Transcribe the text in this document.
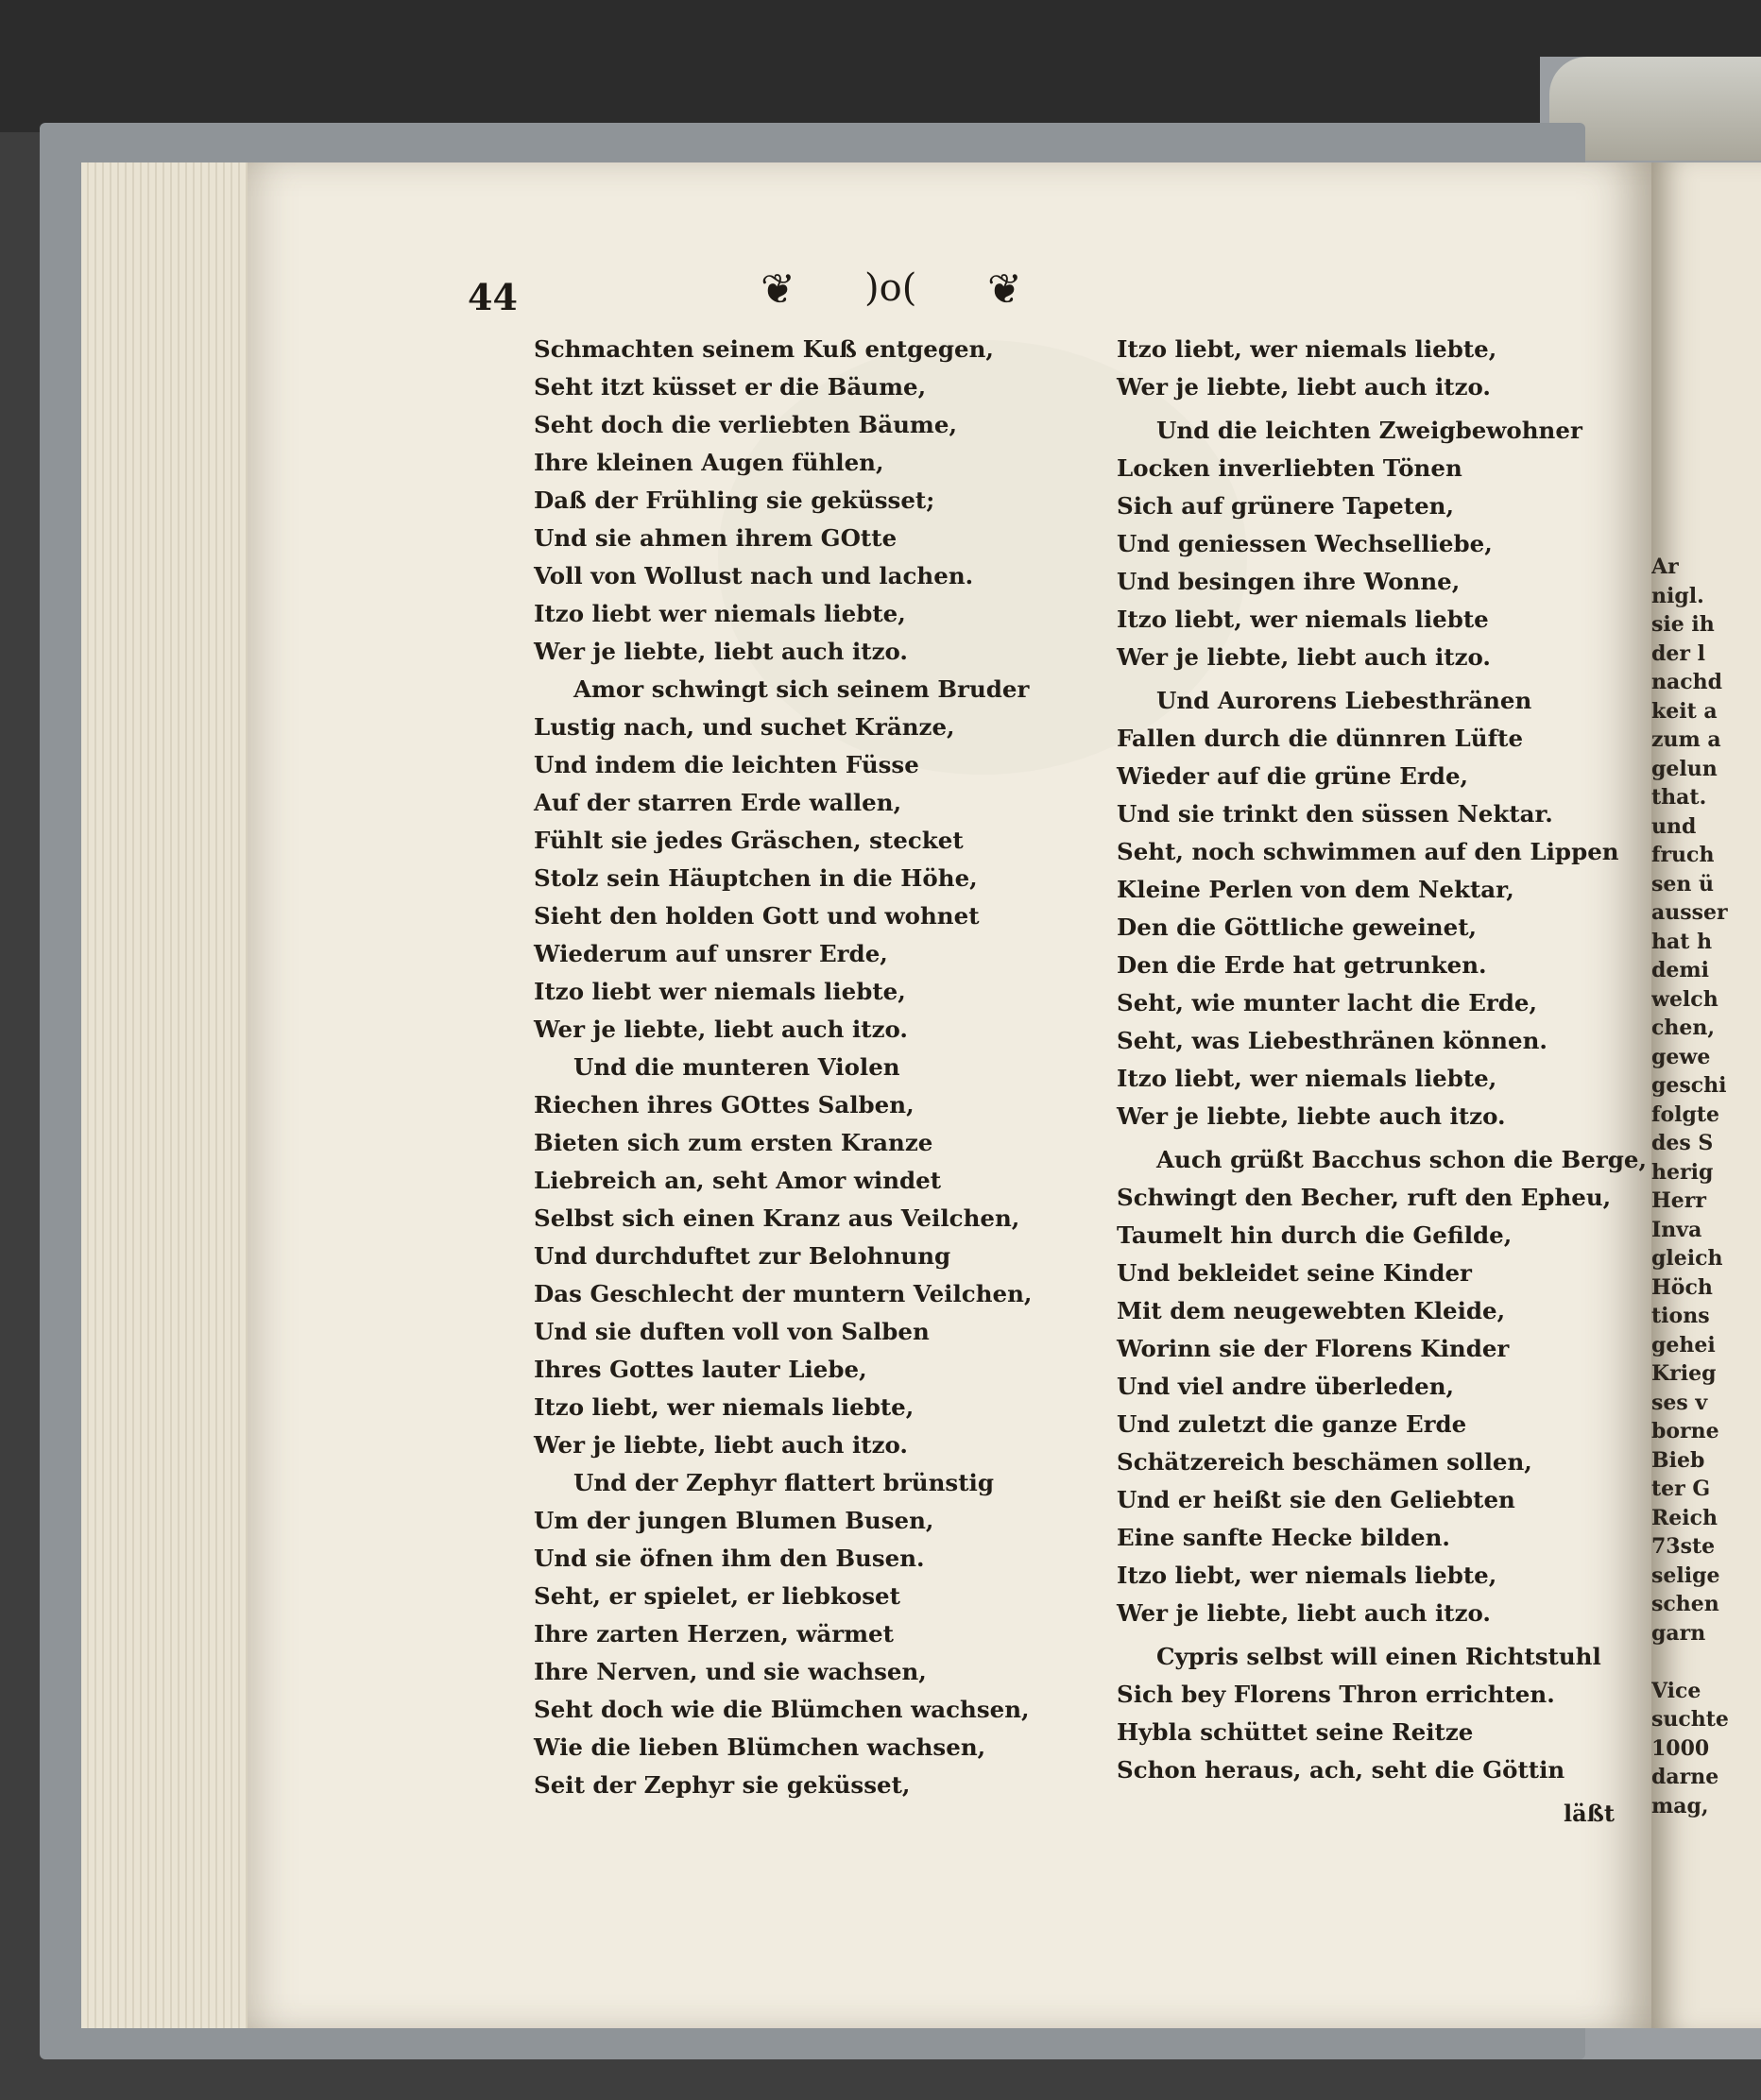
Ar
nigl.
sie ih
der l
nachd
keit a
zum a
gelun
that.
und
fruch
sen ü
ausser
hat h
demi
welch
chen,
gewe
geschi
folgte
des S
herig
Herr
Inva
gleich
Höch
tions
gehei
Krieg
ses v
borne
Bieb
ter G
Reich
73ste
selige
schen
garn
Vice
suchte
1000
darne
mag,
44	❦ )o( ❦
Schmachten seinem Kuß entgegen,
Seht itzt küsset er die Bäume,
Seht doch die verliebten Bäume,
Ihre kleinen Augen fühlen,
Daß der Frühling sie geküsset;
Und sie ahmen ihrem GOtte
Voll von Wollust nach und lachen.
Itzo liebt wer niemals liebte,
Wer je liebte, liebt auch itzo.
Amor schwingt sich seinem Bruder
Lustig nach, und suchet Kränze,
Und indem die leichten Füsse
Auf der starren Erde wallen,
Fühlt sie jedes Gräschen, stecket
Stolz sein Häuptchen in die Höhe,
Sieht den holden Gott und wohnet
Wiederum auf unsrer Erde,
Itzo liebt wer niemals liebte,
Wer je liebte, liebt auch itzo.
Und die munteren Violen
Riechen ihres GOttes Salben,
Bieten sich zum ersten Kranze
Liebreich an, seht Amor windet
Selbst sich einen Kranz aus Veilchen,
Und durchduftet zur Belohnung
Das Geschlecht der muntern Veilchen,
Und sie duften voll von Salben
Ihres Gottes lauter Liebe,
Itzo liebt, wer niemals liebte,
Wer je liebte, liebt auch itzo.
Und der Zephyr flattert brünstig
Um der jungen Blumen Busen,
Und sie öfnen ihm den Busen.
Seht, er spielet, er liebkoset
Ihre zarten Herzen, wärmet
Ihre Nerven, und sie wachsen,
Seht doch wie die Blümchen wachsen,
Wie die lieben Blümchen wachsen,
Seit der Zephyr sie geküsset,
Itzo liebt, wer niemals liebte,
Wer je liebte, liebt auch itzo.
Und die leichten Zweigbewohner
Locken inverliebten Tönen
Sich auf grünere Tapeten,
Und geniessen Wechselliebe,
Und besingen ihre Wonne,
Itzo liebt, wer niemals liebte
Wer je liebte, liebt auch itzo.
Und Aurorens Liebesthränen
Fallen durch die dünnren Lüfte
Wieder auf die grüne Erde,
Und sie trinkt den süssen Nektar.
Seht, noch schwimmen auf den Lippen
Kleine Perlen von dem Nektar,
Den die Göttliche geweinet,
Den die Erde hat getrunken.
Seht, wie munter lacht die Erde,
Seht, was Liebesthränen können.
Itzo liebt, wer niemals liebte,
Wer je liebte, liebte auch itzo.
Auch grüßt Bacchus schon die Berge,
Schwingt den Becher, ruft den Epheu,
Taumelt hin durch die Gefilde,
Und bekleidet seine Kinder
Mit dem neugewebten Kleide,
Worinn sie der Florens Kinder
Und viel andre überleden,
Und zuletzt die ganze Erde
Schätzereich beschämen sollen,
Und er heißt sie den Geliebten
Eine sanfte Hecke bilden.
Itzo liebt, wer niemals liebte,
Wer je liebte, liebt auch itzo.
Cypris selbst will einen Richtstuhl
Sich bey Florens Thron errichten.
Hybla schüttet seine Reitze
Schon heraus, ach, seht die Göttin
läßt
